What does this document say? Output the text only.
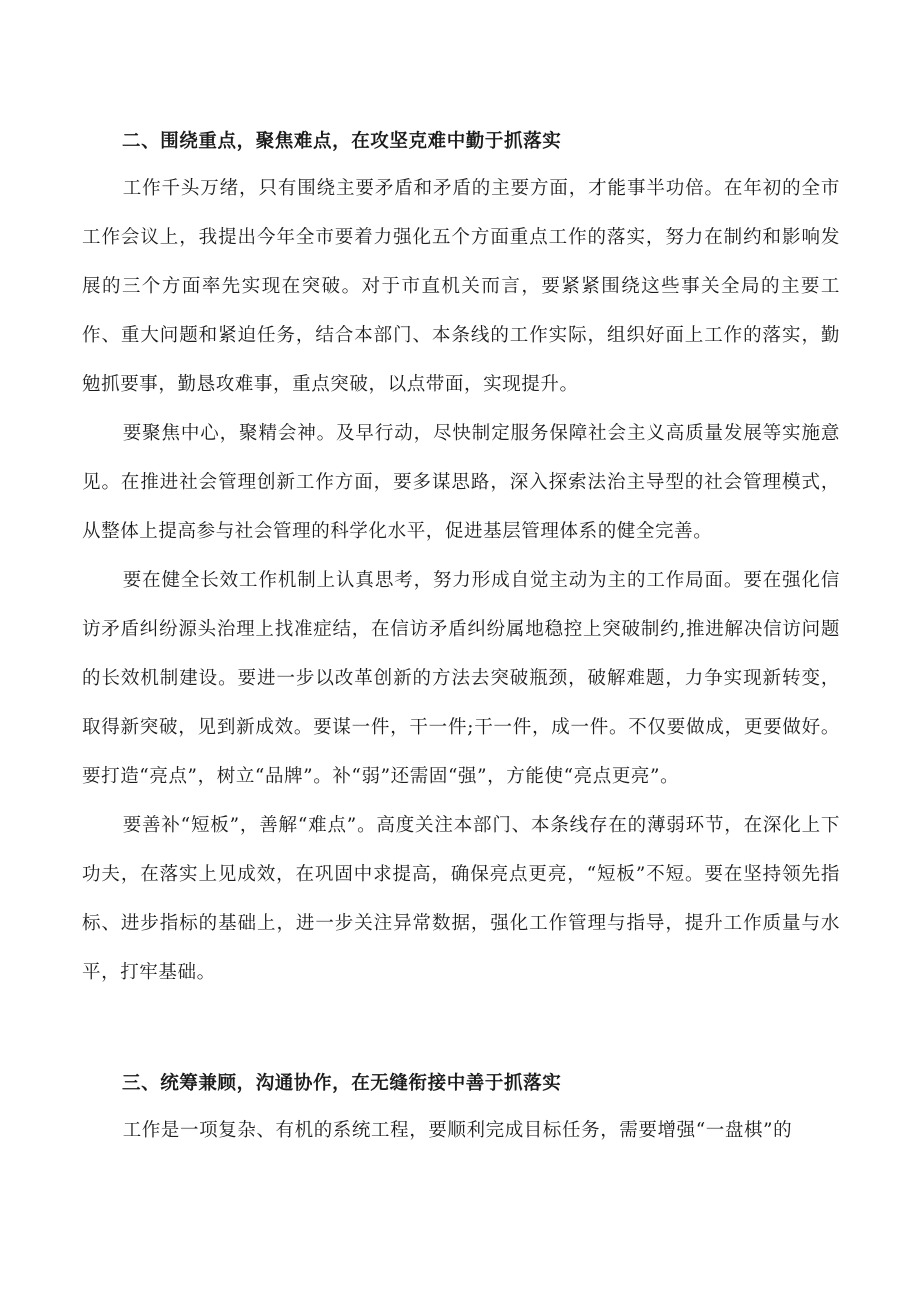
二、围绕重点，聚焦难点，在攻坚克难中勤于抓落实

工作千头万绪，只有围绕主要矛盾和矛盾的主要方面，才能事半功倍。在年初的全市工作会议上，我提出今年全市要着力强化五个方面重点工作的落实，努力在制约和影响发展的三个方面率先实现在突破。对于市直机关而言，要紧紧围绕这些事关全局的主要工作、重大问题和紧迫任务，结合本部门、本条线的工作实际，组织好面上工作的落实，勤勉抓要事，勤恳攻难事，重点突破，以点带面，实现提升。

要聚焦中心，聚精会神。及早行动，尽快制定服务保障社会主义高质量发展等实施意见。在推进社会管理创新工作方面，要多谋思路，深入探索法治主导型的社会管理模式，从整体上提高参与社会管理的科学化水平，促进基层管理体系的健全完善。

要在健全长效工作机制上认真思考，努力形成自觉主动为主的工作局面。要在强化信访矛盾纠纷源头治理上找准症结，在信访矛盾纠纷属地稳控上突破制约,推进解决信访问题的长效机制建设。要进一步以改革创新的方法去突破瓶颈，破解难题，力争实现新转变，取得新突破，见到新成效。要谋一件，干一件;干一件，成一件。不仅要做成，更要做好。要打造“亮点”，树立“品牌”。补“弱”还需固“强”，方能使“亮点更亮”。

要善补“短板”，善解“难点”。高度关注本部门、本条线存在的薄弱环节，在深化上下功夫，在落实上见成效，在巩固中求提高，确保亮点更亮，“短板”不短。要在坚持领先指标、进步指标的基础上，进一步关注异常数据，强化工作管理与指导，提升工作质量与水平，打牢基础。

三、统筹兼顾，沟通协作，在无缝衔接中善于抓落实

工作是一项复杂、有机的系统工程，要顺利完成目标任务，需要增强“一盘棋”的
